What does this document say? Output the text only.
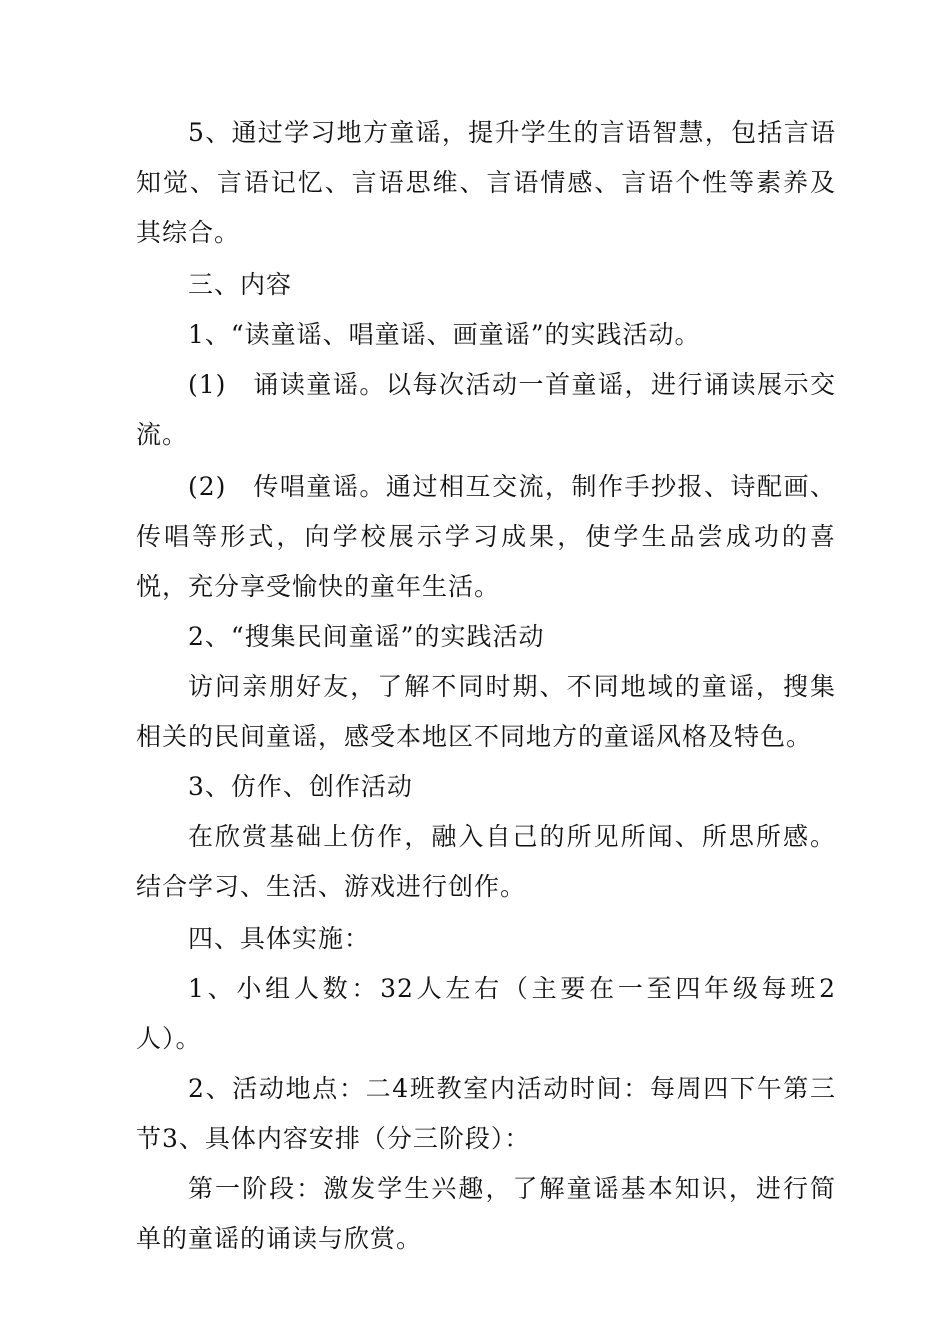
5、通过学习地方童谣，提升学生的言语智慧，包括言语知觉、言语记忆、言语思维、言语情感、言语个性等素养及其综合。

三、内容

1、“读童谣、唱童谣、画童谣”的实践活动。

(1)　诵读童谣。以每次活动一首童谣，进行诵读展示交流。

(2)　传唱童谣。通过相互交流，制作手抄报、诗配画、传唱等形式，向学校展示学习成果，使学生品尝成功的喜悦，充分享受愉快的童年生活。

2、“搜集民间童谣”的实践活动

访问亲朋好友，了解不同时期、不同地域的童谣，搜集相关的民间童谣，感受本地区不同地方的童谣风格及特色。

3、仿作、创作活动

在欣赏基础上仿作，融入自己的所见所闻、所思所感。结合学习、生活、游戏进行创作。

四、具体实施：

1、小组人数：32人左右（主要在一至四年级每班2人）。

2、活动地点：二4班教室内活动时间：每周四下午第三节3、具体内容安排（分三阶段）：

第一阶段：激发学生兴趣，了解童谣基本知识，进行简单的童谣的诵读与欣赏。
